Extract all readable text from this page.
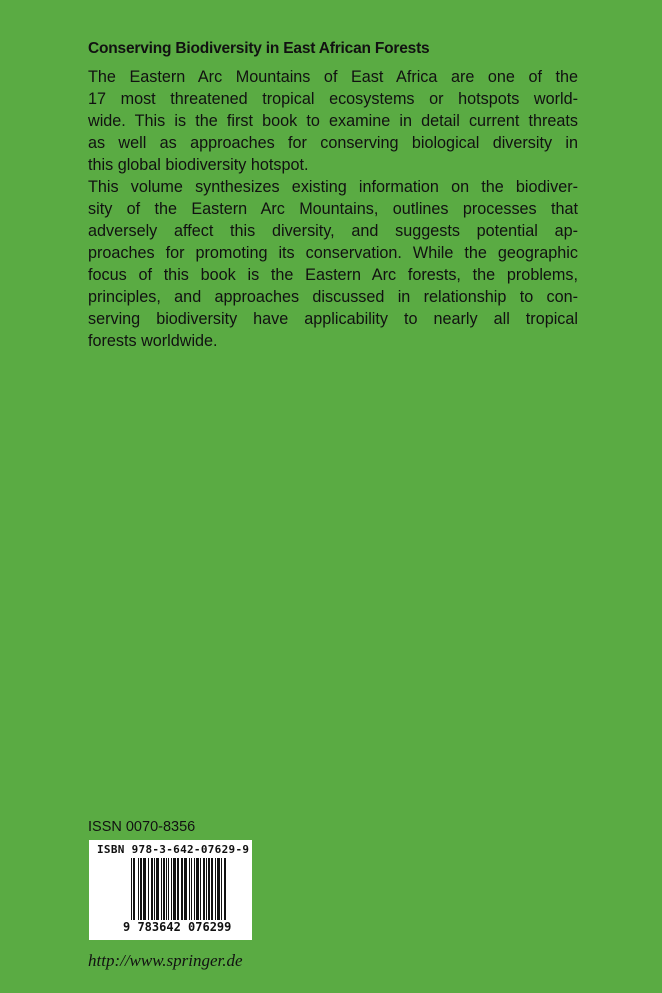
Conserving Biodiversity in East African Forests
The Eastern Arc Mountains of East Africa are one of the
17 most threatened tropical ecosystems or hotspots world-
wide. This is the first book to examine in detail current threats
as well as approaches for conserving biological diversity in
this global biodiversity hotspot.
This volume synthesizes existing information on the biodiver-
sity of the Eastern Arc Mountains, outlines processes that
adversely affect this diversity, and suggests potential ap-
proaches for promoting its conservation. While the geographic
focus of this book is the Eastern Arc forests, the problems,
principles, and approaches discussed in relationship to con-
serving biodiversity have applicability to nearly all tropical
forests worldwide.
ISSN 0070-8356
ISBN 978-3-642-07629-9
9 783642 076299
http://www.springer.de
